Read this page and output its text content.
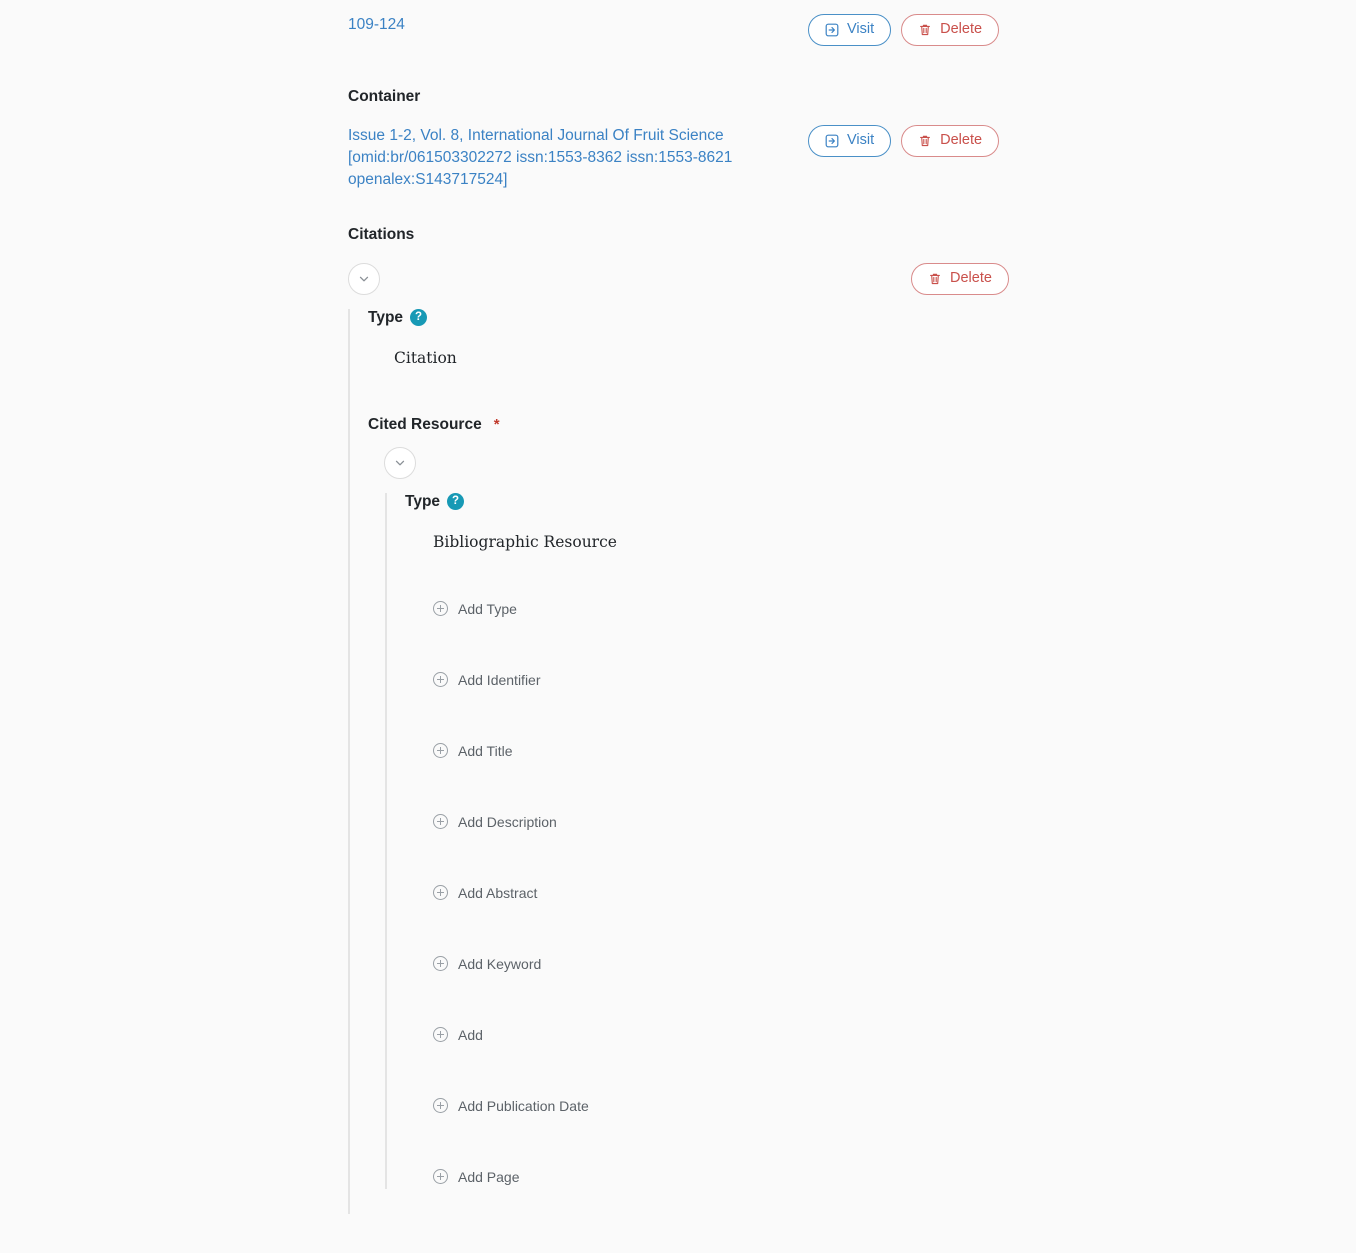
109-124	Visit	Delete
Container
Issue 1-2, Vol. 8, International Journal Of Fruit Science [omid:br/061503302272 issn:1553-8362 issn:1553-8621 openalex:S143717524]
Visit	Delete
Citations
Delete
Type	?
Citation
Cited Resource *
Type	?
Bibliographic Resource
Add Type
Add Identifier
Add Title
Add Description
Add Abstract
Add Keyword
Add
Add Publication Date
Add Page
